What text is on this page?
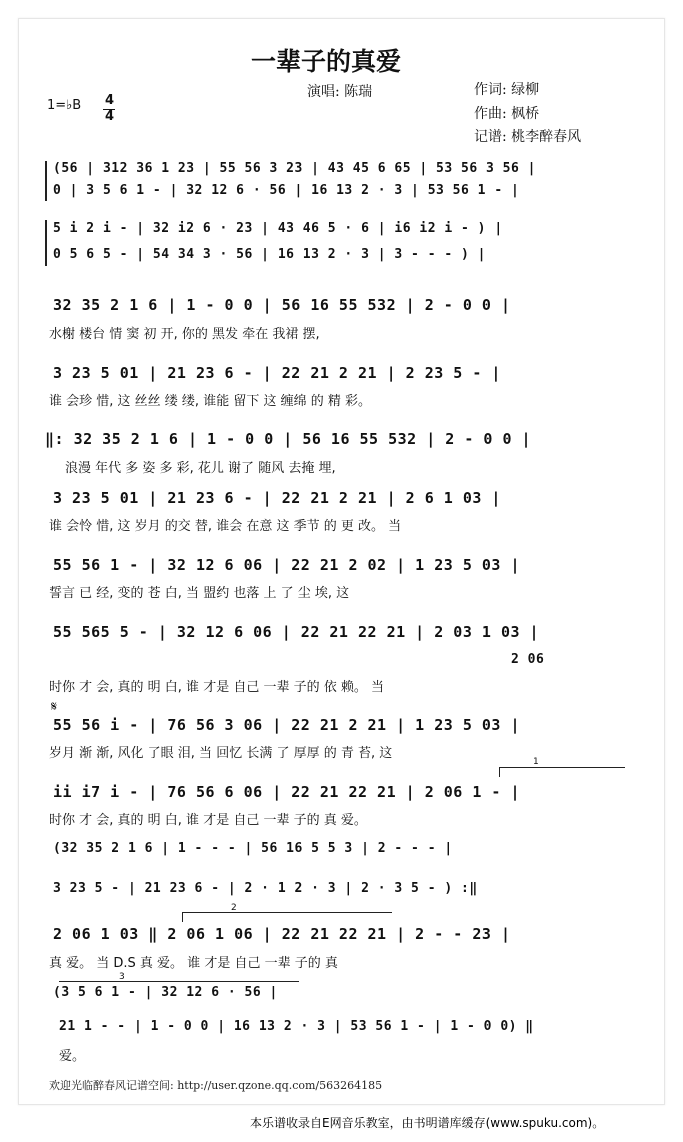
一辈子的真爱
演唱: 陈瑞	作词: 绿柳
作曲: 枫桥
记谱: 桃李醉春风
1=♭B 4
4
(56 | 312 36 1 23 | 55 56 3 23 | 43 45 6 65 | 53 56 3 56 |
0 | 3 5 6 1 - | 32 12 6 · 56 | 16 13 2 · 3 | 53 56 1 - |
5 i 2 i - | 32 i2 6 · 23 | 43 46 5 · 6 | i6 i2 i - ) |
0 5 6 5 - | 54 34 3 · 56 | 16 13 2 · 3 | 3 - - - ) |
32 35 2 1 6 | 1 - 0 0 | 56 16 55 532 | 2 - 0 0 |
水榭 楼台 情 窦 初 开, 你的 黑发 牵在 我裙 摆,
3 23 5 01 | 21 23 6 - | 22 21 2 21 | 2 23 5 - |
谁 会珍 惜, 这 丝丝 缕 缕, 谁能 留下 这 缠绵 的 精 彩。
‖: 32 35 2 1 6 | 1 - 0 0 | 56 16 55 532 | 2 - 0 0 |
浪漫 年代 多 姿 多 彩, 花儿 谢了 随风 去掩 埋,
3 23 5 01 | 21 23 6 - | 22 21 2 21 | 2 6 1 03 |
谁 会怜 惜, 这 岁月 的交 替, 谁会 在意 这 季节 的 更 改。 当
55 56 1 - | 32 12 6 06 | 22 21 2 02 | 1 23 5 03 |
誓言 已 经, 变的 苍 白, 当 盟约 也落 上 了 尘 埃, 这
55 565 5 - | 32 12 6 06 | 22 21 22 21 | 2 03 1 03 |
2 06
时你 才 会, 真的 明 白, 谁 才是 自己 一辈 子的 依 赖。 当
𝄋
55 56 i - | 76 56 3 06 | 22 21 2 21 | 1 23 5 03 |
岁月 渐 渐, 风化 了眼 泪, 当 回忆 长满 了 厚厚 的 青 苔, 这
1
ii i7 i - | 76 56 6 06 | 22 21 22 21 | 2 06 1 - |
时你 才 会, 真的 明 白, 谁 才是 自己 一辈 子的 真 爱。
(32 35 2 1 6 | 1 - - - | 56 16 5 5 3 | 2 - - - |
3 23 5 - | 21 23 6 - | 2 · 1 2 · 3 | 2 · 3 5 - ) :‖
2
2 06 1 03 ‖ 2 06 1 06 | 22 21 22 21 | 2 - - 23 |
真 爱。 当 D.S 真 爱。 谁 才是 自己 一辈 子的 真
3
(3 5 6 1 - | 32 12 6 · 56 |
21 1 - - | 1 - 0 0 | 16 13 2 · 3 | 53 56 1 - | 1 - 0 0) ‖
爱。
欢迎光临醉春风记谱空间: http://user.qzone.qq.com/563264185
本乐谱收录自E网音乐教室，由书明谱库缓存(www.spuku.com)。
